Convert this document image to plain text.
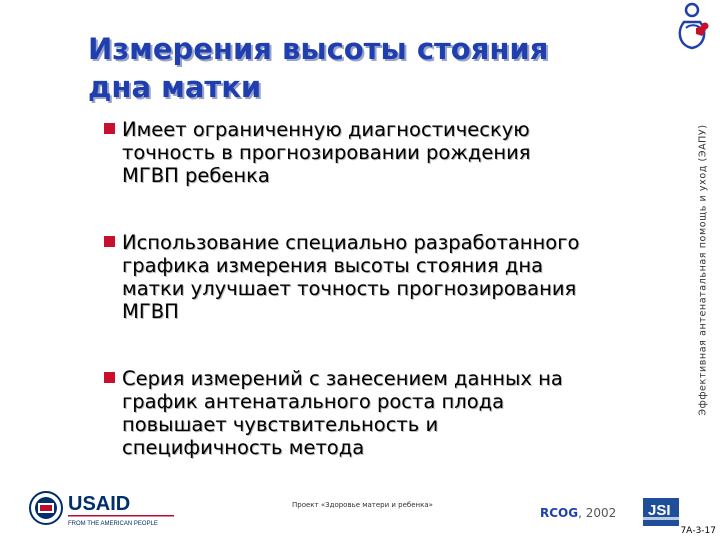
Измерения высоты стояния
дна матки
Имеет ограниченную диагностическую
точность в прогнозировании рождения
МГВП ребенка
Использование специально разработанного
графика измерения высоты стояния дна
матки улучшает точность прогнозирования
МГВП
Серия измерений с занесением данных на
график антенатального роста плода
повышает чувствительность и
специфичность метода
Эффективная антенатальная помощь и уход (ЭАПУ)
USAID
FROM THE AMERICAN PEOPLE
Проект «Здоровье матери и ребенка»
RCOG, 2002 JSI
7А-3-17
